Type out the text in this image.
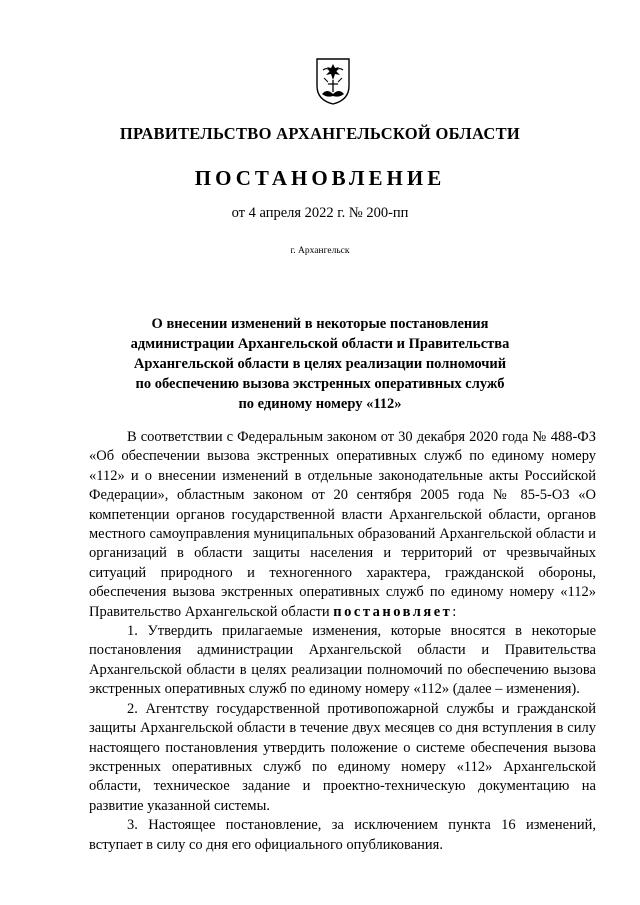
ПРАВИТЕЛЬСТВО АРХАНГЕЛЬСКОЙ ОБЛАСТИ
ПОСТАНОВЛЕНИЕ
от 4 апреля 2022 г. № 200-пп
г. Архангельск
О внесении изменений в некоторые постановления
администрации Архангельской области и Правительства
Архангельской области в целях реализации полномочий
по обеспечению вызова экстренных оперативных служб
по единому номеру «112»

В соответствии с Федеральным законом от 30 декабря 2020 года № 488-ФЗ «Об обеспечении вызова экстренных оперативных служб по единому номеру «112» и о внесении изменений в отдельные законодательные акты Российской Федерации», областным законом от 20 сентября 2005 года № 85-5-ОЗ «О компетенции органов государственной власти Архангельской области, органов местного самоуправления муниципальных образований Архангельской области и организаций в области защиты населения и территорий от чрезвычайных ситуаций природного и техногенного характера, гражданской обороны, обеспечения вызова экстренных оперативных служб по единому номеру «112» Правительство Архангельской области постановляет:

1. Утвердить прилагаемые изменения, которые вносятся в некоторые постановления администрации Архангельской области и Правительства Архангельской области в целях реализации полномочий по обеспечению вызова экстренных оперативных служб по единому номеру «112» (далее – изменения).

2. Агентству государственной противопожарной службы и гражданской защиты Архангельской области в течение двух месяцев со дня вступления в силу настоящего постановления утвердить положение о системе обеспечения вызова экстренных оперативных служб по единому номеру «112» Архангельской области, техническое задание и проектно-техническую документацию на развитие указанной системы.

3. Настоящее постановление, за исключением пункта 16 изменений, вступает в силу со дня его официального опубликования.
